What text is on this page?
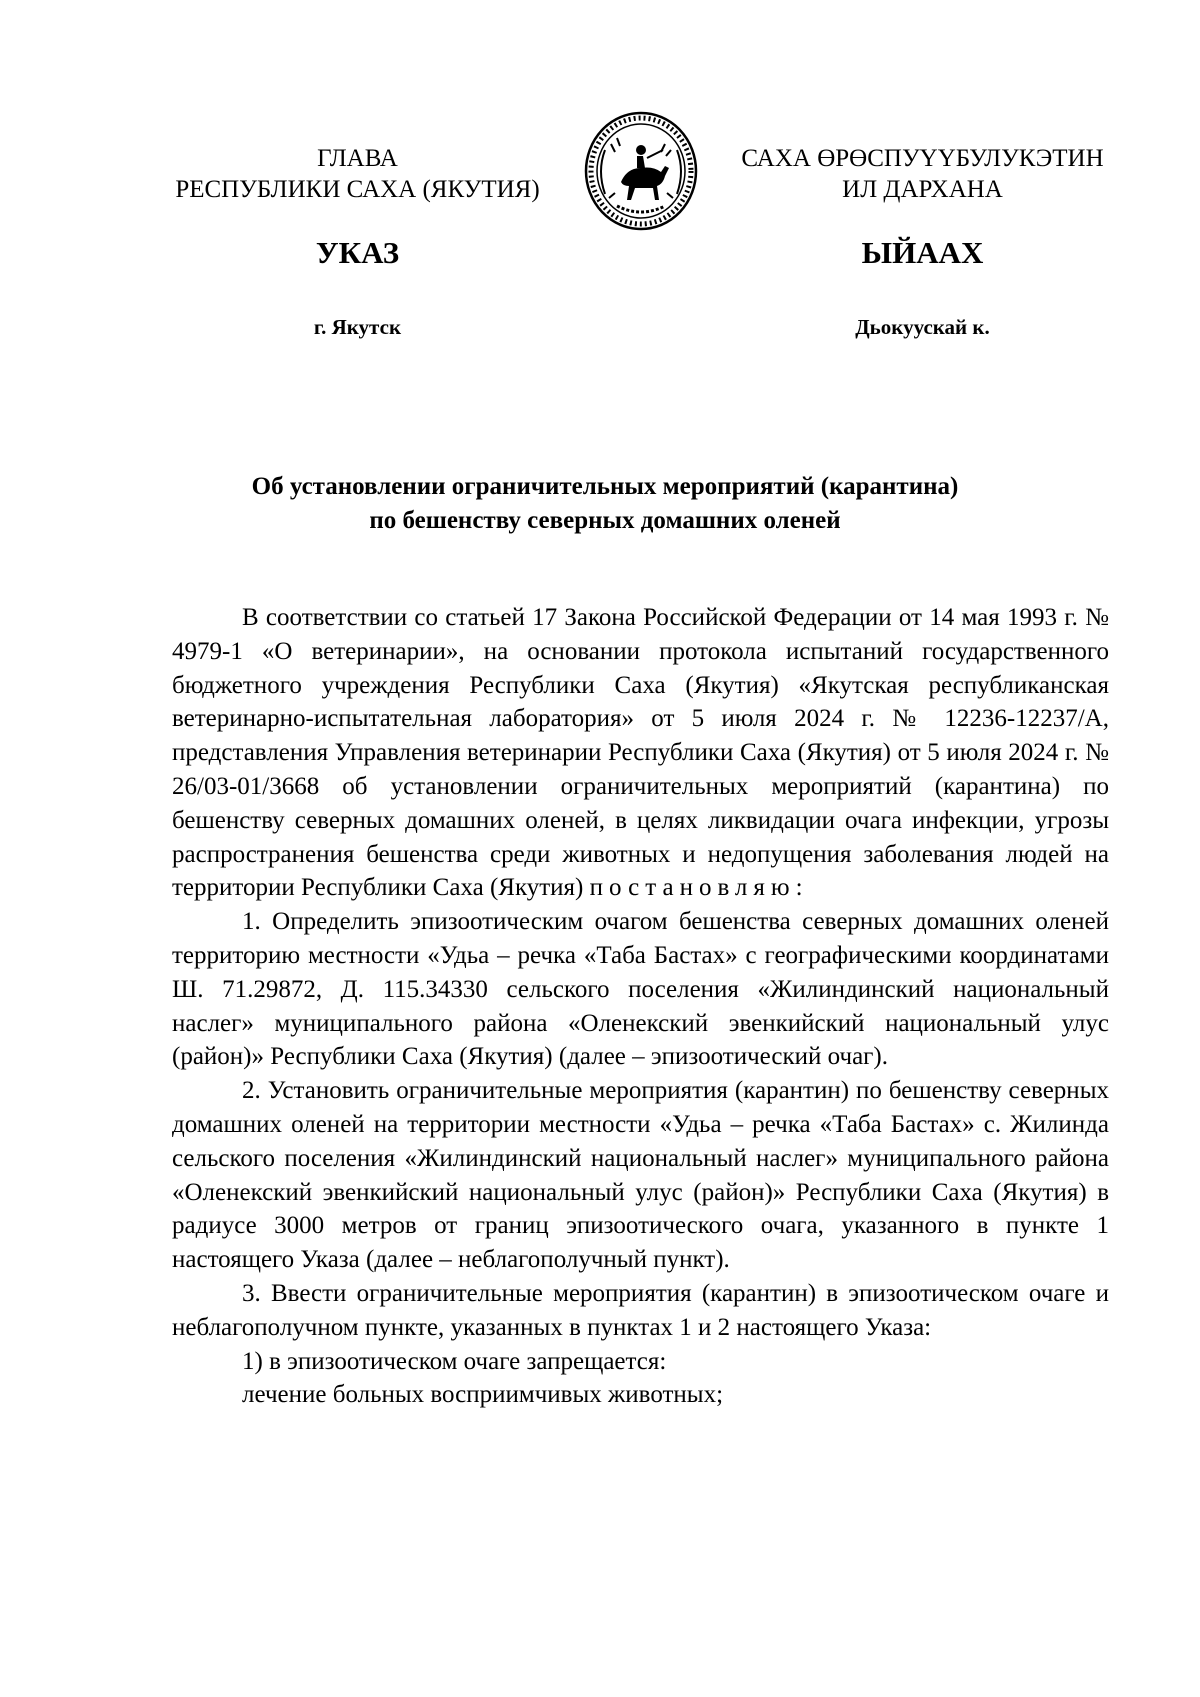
ГЛАВА
РЕСПУБЛИКИ САХА (ЯКУТИЯ)
САХА ӨРӨСПУҮҮБУЛУКЭТИН
ИЛ ДАРХАНА
УКАЗ	ЫЙААХ
г. Якутск	Дьокуускай к.
Об установлении ограничительных мероприятий (карантина)
по бешенству северных домашних оленей

В соответствии со статьей 17 Закона Российской Федерации от 14 мая 1993 г. № 4979-1 «О ветеринарии», на основании протокола испытаний государственного бюджетного учреждения Республики Саха (Якутия) «Якутская республиканская ветеринарно-испытательная лаборатория» от 5 июля 2024 г. № 12236-12237/А, представления Управления ветеринарии Республики Саха (Якутия) от 5 июля 2024 г. № 26/03-01/3668 об установлении ограничительных мероприятий (карантина) по бешенству северных домашних оленей, в целях ликвидации очага инфекции, угрозы распространения бешенства среди животных и недопущения заболевания людей на территории Республики Саха (Якутия) постановляю:

1. Определить эпизоотическим очагом бешенства северных домашних оленей территорию местности «Удьа – речка «Таба Бастах» с географическими координатами Ш. 71.29872, Д. 115.34330 сельского поселения «Жилиндинский национальный наслег» муниципального района «Оленекский эвенкийский национальный улус (район)» Республики Саха (Якутия) (далее – эпизоотический очаг).

2. Установить ограничительные мероприятия (карантин) по бешенству северных домашних оленей на территории местности «Удьа – речка «Таба Бастах» с. Жилинда сельского поселения «Жилиндинский национальный наслег» муниципального района «Оленекский эвенкийский национальный улус (район)» Республики Саха (Якутия) в радиусе 3000 метров от границ эпизоотического очага, указанного в пункте 1 настоящего Указа (далее – неблагополучный пункт).

3. Ввести ограничительные мероприятия (карантин) в эпизоотическом очаге и неблагополучном пункте, указанных в пунктах 1 и 2 настоящего Указа:

1) в эпизоотическом очаге запрещается:

лечение больных восприимчивых животных;
